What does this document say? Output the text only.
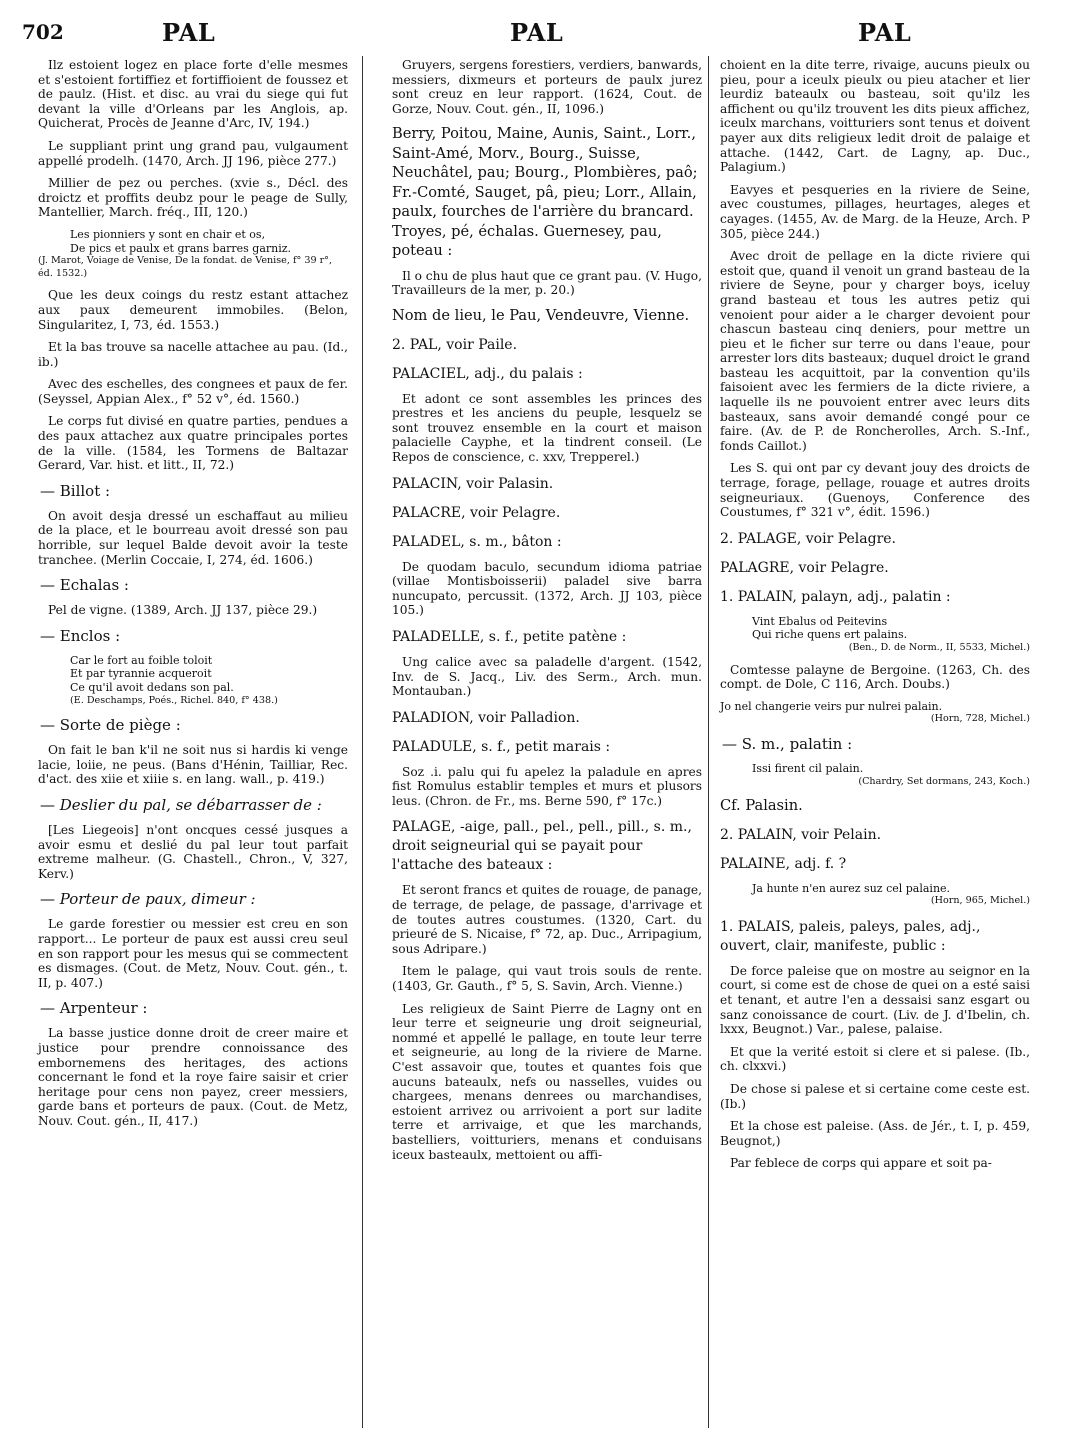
702	PAL	PAL	PAL

Ilz estoient logez en place forte d'elle mesmes et s'estoient fortiffiez et fortiffioient de foussez et de paulz. (Hist. et disc. au vrai du siege qui fut devant la ville d'Orleans par les Anglois, ap. Quicherat, Procès de Jeanne d'Arc, IV, 194.)

Le suppliant print ung grand pau, vulgaument appellé prodelh. (1470, Arch. JJ 196, pièce 277.)

Millier de pez ou perches. (xvie s., Décl. des droictz et proffits deubz pour le peage de Sully, Mantellier, March. fréq., III, 120.)

Les pionniers y sont en chair et os,
De pics et paulx et grans barres garniz.
(J. Marot, Voiage de Venise, De la fondat. de Venise, f° 39 r°, éd. 1532.)

Que les deux coings du restz estant attachez aux paux demeurent immobiles. (Belon, Singularitez, I, 73, éd. 1553.)

Et la bas trouve sa nacelle attachee au pau. (Id., ib.)

Avec des eschelles, des congnees et paux de fer. (Seyssel, Appian Alex., f° 52 v°, éd. 1560.)

Le corps fut divisé en quatre parties, pendues a des paux attachez aux quatre principales portes de la ville. (1584, les Tormens de Baltazar Gerard, Var. hist. et litt., II, 72.)

— Billot :

On avoit desja dressé un eschaffaut au milieu de la place, et le bourreau avoit dressé son pau horrible, sur lequel Balde devoit avoir la teste tranchee. (Merlin Coccaie, I, 274, éd. 1606.)

— Echalas :

Pel de vigne. (1389, Arch. JJ 137, pièce 29.)

— Enclos :
Car le fort au foible toloit
Et par tyrannie acqueroit
Ce qu'il avoit dedans son pal.
(E. Deschamps, Poés., Richel. 840, f° 438.)
— Sorte de piège :

On fait le ban k'il ne soit nus si hardis ki venge lacie, loiie, ne peus. (Bans d'Hénin, Tailliar, Rec. d'act. des xiie et xiiie s. en lang. wall., p. 419.)

— Deslier du pal, se débarrasser de :

[Les Liegeois] n'ont oncques cessé jusques a avoir esmu et deslié du pal leur tout parfait extreme malheur. (G. Chastell., Chron., V, 327, Kerv.)

— Porteur de paux, dimeur :

Le garde forestier ou messier est creu en son rapport... Le porteur de paux est aussi creu seul en son rapport pour les mesus qui se commectent es dismages. (Cout. de Metz, Nouv. Cout. gén., t. II, p. 407.)

— Arpenteur :

La basse justice donne droit de creer maire et justice pour prendre connoissance des embornemens des heritages, des actions concernant le fond et la roye faire saisir et crier heritage pour cens non payez, creer messiers, garde bans et porteurs de paux. (Cout. de Metz, Nouv. Cout. gén., II, 417.)

Gruyers, sergens forestiers, verdiers, banwards, messiers, dixmeurs et porteurs de paulx jurez sont creuz en leur rapport. (1624, Cout. de Gorze, Nouv. Cout. gén., II, 1096.)

Berry, Poitou, Maine, Aunis, Saint., Lorr., Saint-Amé, Morv., Bourg., Suisse, Neuchâtel, pau; Bourg., Plombières, paô; Fr.-Comté, Sauget, pâ, pieu; Lorr., Allain, paulx, fourches de l'arrière du brancard. Troyes, pé, échalas. Guernesey, pau, poteau :

Il o chu de plus haut que ce grant pau. (V. Hugo, Travailleurs de la mer, p. 20.)

Nom de lieu, le Pau, Vendeuvre, Vienne.

2. PAL, voir Paile.
PALACIEL, adj., du palais :

Et adont ce sont assembles les princes des prestres et les anciens du peuple, lesquelz se sont trouvez ensemble en la court et maison palacielle Cayphe, et la tindrent conseil. (Le Repos de conscience, c. xxv, Trepperel.)

PALACIN, voir Palasin.
PALACRE, voir Pelagre.
PALADEL, s. m., bâton :

De quodam baculo, secundum idioma patriae (villae Montisboisserii) paladel sive barra nuncupato, percussit. (1372, Arch. JJ 103, pièce 105.)

PALADELLE, s. f., petite patène :

Ung calice avec sa paladelle d'argent. (1542, Inv. de S. Jacq., Liv. des Serm., Arch. mun. Montauban.)

PALADION, voir Palladion.
PALADULE, s. f., petit marais :

Soz .i. palu qui fu apelez la paladule en apres fist Romulus establir temples et murs et plusors leus. (Chron. de Fr., ms. Berne 590, f° 17c.)

PALAGE, -aige, pall., pel., pell., pill., s. m., droit seigneurial qui se payait pour l'attache des bateaux :

Et seront francs et quites de rouage, de panage, de terrage, de pelage, de passage, d'arrivage et de toutes autres coustumes. (1320, Cart. du prieuré de S. Nicaise, f° 72, ap. Duc., Arripagium, sous Adripare.)

Item le palage, qui vaut trois souls de rente. (1403, Gr. Gauth., f° 5, S. Savin, Arch. Vienne.)

Les religieux de Saint Pierre de Lagny ont en leur terre et seigneurie ung droit seigneurial, nommé et appellé le pallage, en toute leur terre et seigneurie, au long de la riviere de Marne. C'est assavoir que, toutes et quantes fois que aucuns bateaulx, nefs ou nasselles, vuides ou chargees, menans denrees ou marchandises, estoient arrivez ou arrivoient a port sur ladite terre et arrivaige, et que les marchands, bastelliers, voitturiers, menans et conduisans iceux basteaulx, mettoient ou affi-

choient en la dite terre, rivaige, aucuns pieulx ou pieu, pour a iceulx pieulx ou pieu atacher et lier leurdiz bateaulx ou basteau, soit qu'ilz les affichent ou qu'ilz trouvent les dits pieux affichez, iceulx marchans, voitturiers sont tenus et doivent payer aux dits religieux ledit droit de palaige et attache. (1442, Cart. de Lagny, ap. Duc., Palagium.)

Eavyes et pesqueries en la riviere de Seine, avec coustumes, pillages, heurtages, aleges et cayages. (1455, Av. de Marg. de la Heuze, Arch. P 305, pièce 244.)

Avec droit de pellage en la dicte riviere qui estoit que, quand il venoit un grand basteau de la riviere de Seyne, pour y charger boys, iceluy grand basteau et tous les autres petiz qui venoient pour aider a le charger devoient pour chascun basteau cinq deniers, pour mettre un pieu et le ficher sur terre ou dans l'eaue, pour arrester lors dits basteaux; duquel droict le grand basteau les acquittoit, par la convention qu'ils faisoient avec les fermiers de la dicte riviere, a laquelle ils ne pouvoient entrer avec leurs dits basteaux, sans avoir demandé congé pour ce faire. (Av. de P. de Roncherolles, Arch. S.-Inf., fonds Caillot.)

Les S. qui ont par cy devant jouy des droicts de terrage, forage, pellage, rouage et autres droits seigneuriaux. (Guenoys, Conference des Coustumes, f° 321 v°, édit. 1596.)

2. PALAGE, voir Pelagre.
PALAGRE, voir Pelagre.
1. PALAIN, palayn, adj., palatin :
Vint Ebalus od Peitevins
Qui riche quens ert palains.
(Ben., D. de Norm., II, 5533, Michel.)

Comtesse palayne de Bergoine. (1263, Ch. des compt. de Dole, C 116, Arch. Doubs.)

Jo nel changerie veirs pur nulrei palain.
(Horn, 728, Michel.)
— S. m., palatin :
Issi firent cil palain.
(Chardry, Set dormans, 243, Koch.)

Cf. Palasin.

2. PALAIN, voir Pelain.
PALAINE, adj. f. ?
Ja hunte n'en aurez suz cel palaine.
(Horn, 965, Michel.)
1. PALAIS, paleis, paleys, pales, adj., ouvert, clair, manifeste, public :

De force paleise que on mostre au seignor en la court, si come est de chose de quei on a esté saisi et tenant, et autre l'en a dessaisi sanz esgart ou sanz conoissance de court. (Liv. de J. d'Ibelin, ch. lxxx, Beugnot.) Var., palese, palaise.

Et que la verité estoit si clere et si palese. (Ib., ch. clxxvi.)

De chose si palese et si certaine come ceste est. (Ib.)

Et la chose est paleise. (Ass. de Jér., t. I, p. 459, Beugnot,)

Par feblece de corps qui appare et soit pa-
